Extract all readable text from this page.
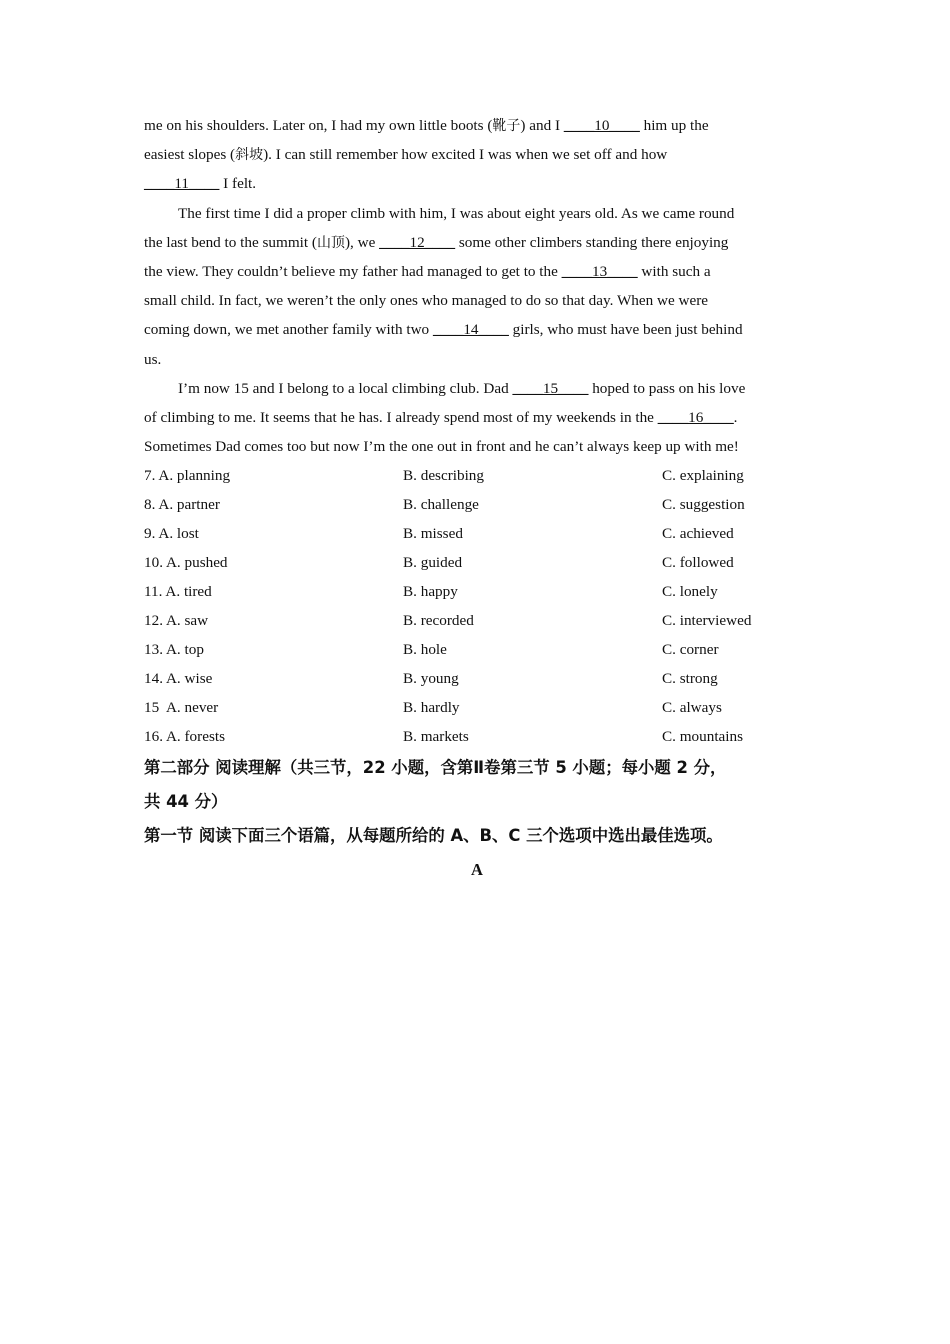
me on his shoulders. Later on, I had my own little boots (靴子) and I ____10____ him up the
easiest slopes (斜坡). I can still remember how excited I was when we set off and how
____11____ I felt.
The first time I did a proper climb with him, I was about eight years old. As we came round
the last bend to the summit (山顶), we ____12____ some other climbers standing there enjoying
the view. They couldn’t believe my father had managed to get to the ____13____ with such a
small child. In fact, we weren’t the only ones who managed to do so that day. When we were
coming down, we met another family with two ____14____ girls, who must have been just behind
us.
I’m now 15 and I belong to a local climbing club. Dad ____15____ hoped to pass on his love
of climbing to me. It seems that he has. I already spend most of my weekends in the ____16____.
Sometimes Dad comes too but now I’m the one out in front and he can’t always keep up with me!
7. A. planning	B. describing	C. explaining
8. A. partner	B. challenge	C. suggestion
9. A. lost	B. missed	C. achieved
10. A. pushed	B. guided	C. followed
11. A. tired	B. happy	C. lonely
12. A. saw	B. recorded	C. interviewed
13. A. top	B. hole	C. corner
14. A. wise	B. young	C. strong
15  A. never	B. hardly	C. always
16. A. forests	B. markets	C. mountains
第二部分 阅读理解（共三节，22 小题，含第Ⅱ卷第三节 5 小题；每小题 2 分，
共 44 分）
第一节 阅读下面三个语篇，从每题所给的 A、B、C 三个选项中选出最佳选项。
A
